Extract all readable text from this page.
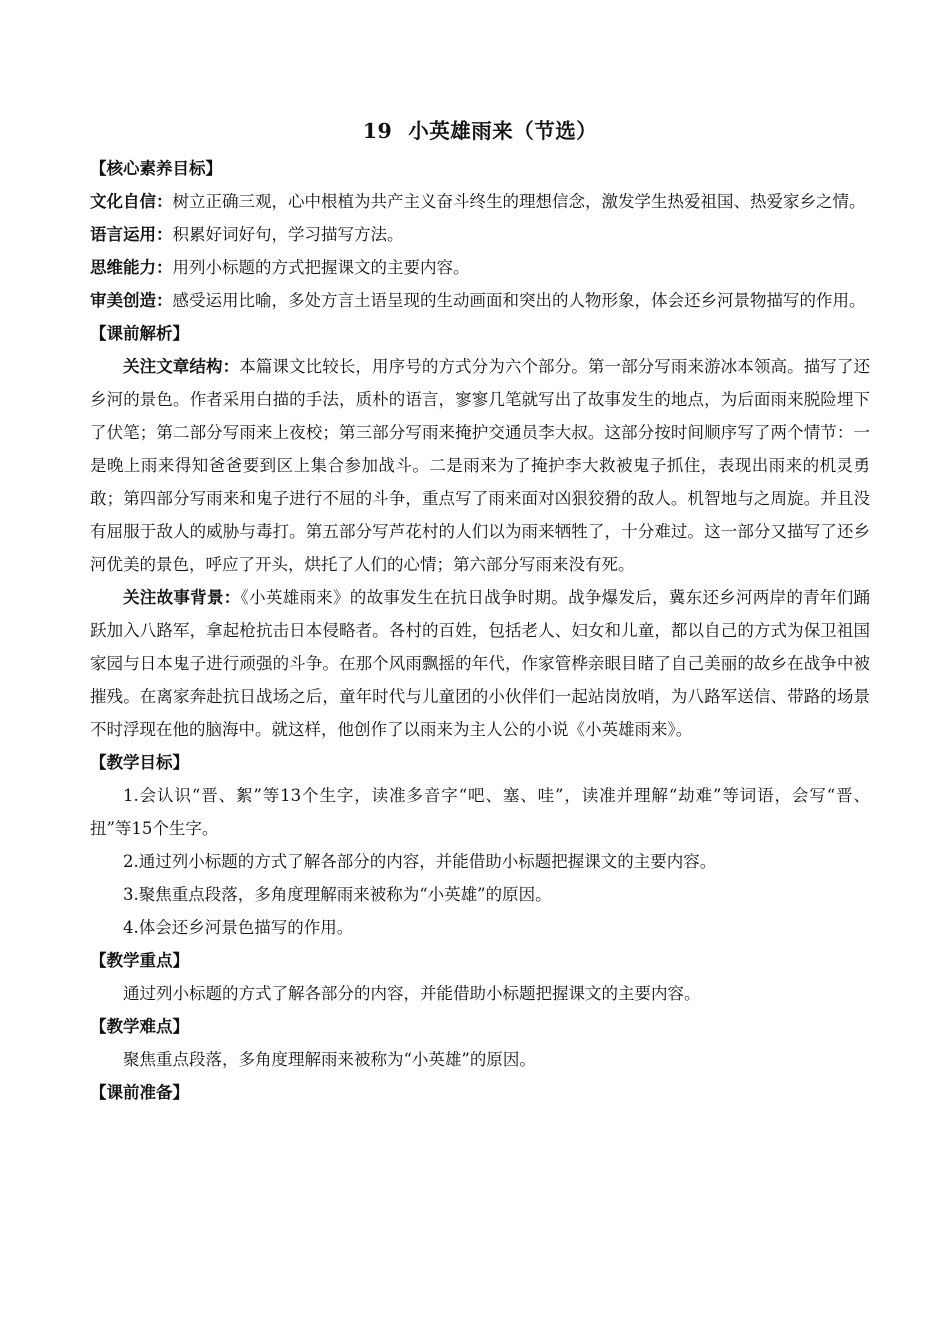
19 小英雄雨来（节选）

【核心素养目标】

文化自信：树立正确三观，心中根植为共产主义奋斗终生的理想信念，激发学生热爱祖国、热爱家乡之情。

语言运用：积累好词好句，学习描写方法。

思维能力：用列小标题的方式把握课文的主要内容。

审美创造：感受运用比喻，多处方言土语呈现的生动画面和突出的人物形象，体会还乡河景物描写的作用。

【课前解析】

关注文章结构：本篇课文比较长，用序号的方式分为六个部分。第一部分写雨来游冰本领高。描写了还乡河的景色。作者采用白描的手法，质朴的语言，寥寥几笔就写出了故事发生的地点，为后面雨来脱险埋下了伏笔；第二部分写雨来上夜校；第三部分写雨来掩护交通员李大叔。这部分按时间顺序写了两个情节：一是晚上雨来得知爸爸要到区上集合参加战斗。二是雨来为了掩护李大救被鬼子抓住，表现出雨来的机灵勇敢；第四部分写雨来和鬼子进行不屈的斗争，重点写了雨来面对凶狠狡猾的敌人。机智地与之周旋。并且没有屈服于敌人的威胁与毒打。第五部分写芦花村的人们以为雨来牺牲了，十分难过。这一部分又描写了还乡河优美的景色，呼应了开头，烘托了人们的心情；第六部分写雨来没有死。

关注故事背景：《小英雄雨来》的故事发生在抗日战争时期。战争爆发后，冀东还乡河两岸的青年们踊跃加入八路军，拿起枪抗击日本侵略者。各村的百姓，包括老人、妇女和儿童，都以自己的方式为保卫祖国家园与日本鬼子进行顽强的斗争。在那个风雨飘摇的年代，作家管桦亲眼目睹了自己美丽的故乡在战争中被摧残。在离家奔赴抗日战场之后，童年时代与儿童团的小伙伴们一起站岗放哨，为八路军送信、带路的场景不时浮现在他的脑海中。就这样，他创作了以雨来为主人公的小说《小英雄雨来》。

【教学目标】

1.会认识“晋、絮”等13个生字，读准多音字“吧、塞、哇”，读准并理解“劫难”等词语，会写“晋、扭”等15个生字。

2.通过列小标题的方式了解各部分的内容，并能借助小标题把握课文的主要内容。

3.聚焦重点段落，多角度理解雨来被称为“小英雄”的原因。

4.体会还乡河景色描写的作用。

【教学重点】

通过列小标题的方式了解各部分的内容，并能借助小标题把握课文的主要内容。

【教学难点】

聚焦重点段落，多角度理解雨来被称为“小英雄”的原因。

【课前准备】
